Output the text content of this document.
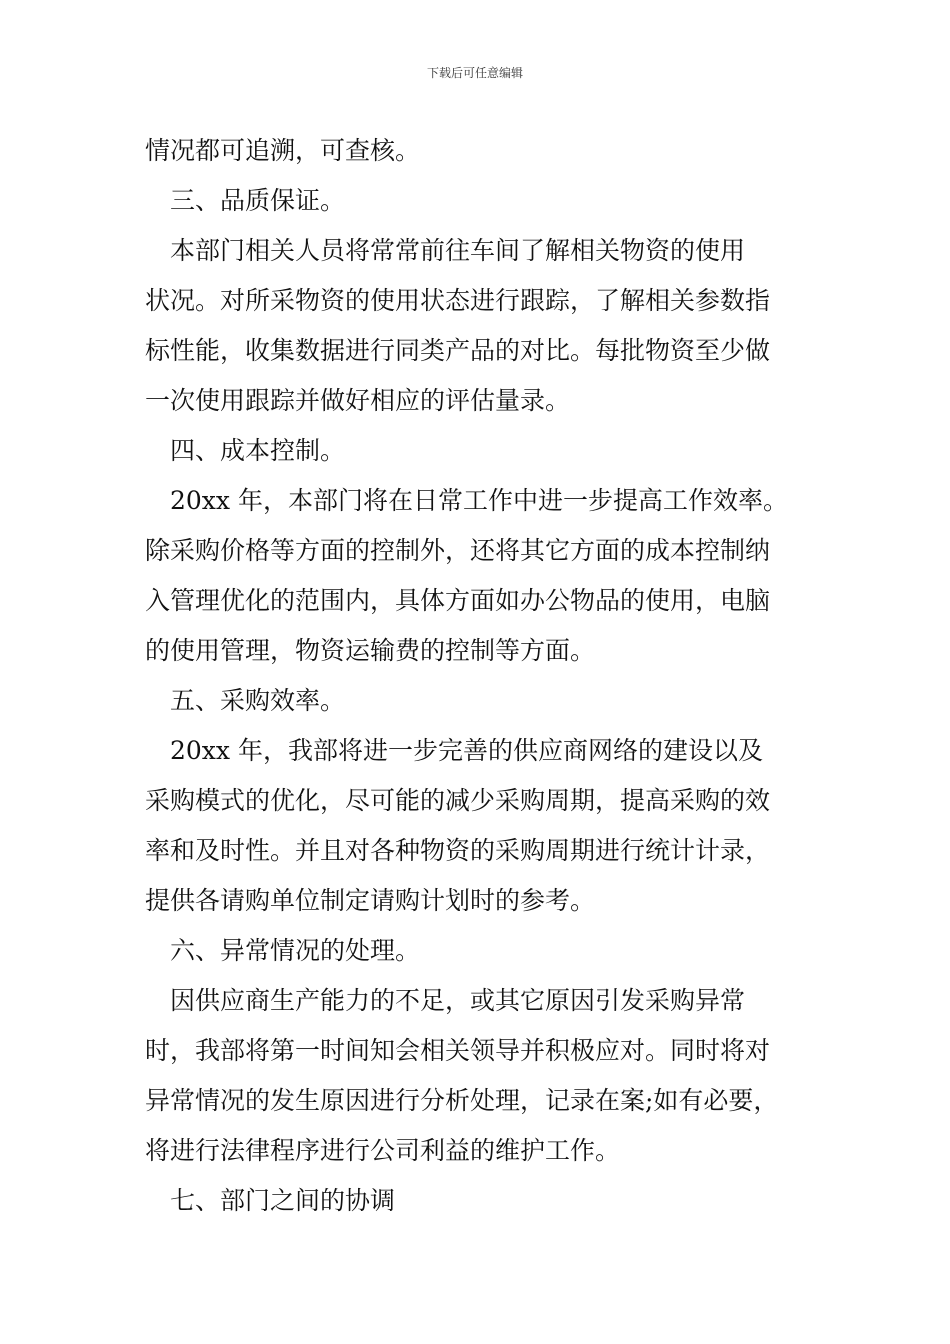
下载后可任意编辑
情况都可追溯，可查核。
　三、品质保证。
　本部门相关人员将常常前往车间了解相关物资的使用
状况。对所采物资的使用状态进行跟踪，了解相关参数指
标性能，收集数据进行同类产品的对比。每批物资至少做
一次使用跟踪并做好相应的评估量录。
　四、成本控制。
　20xx 年，本部门将在日常工作中进一步提高工作效率。
除采购价格等方面的控制外，还将其它方面的成本控制纳
入管理优化的范围内，具体方面如办公物品的使用，电脑
的使用管理，物资运输费的控制等方面。
　五、采购效率。
　20xx 年，我部将进一步完善的供应商网络的建设以及
采购模式的优化，尽可能的减少采购周期，提高采购的效
率和及时性。并且对各种物资的采购周期进行统计计录，
提供各请购单位制定请购计划时的参考。
　六、异常情况的处理。
　因供应商生产能力的不足，或其它原因引发采购异常
时，我部将第一时间知会相关领导并积极应对。同时将对
异常情况的发生原因进行分析处理，记录在案;如有必要，
将进行法律程序进行公司利益的维护工作。
　七、部门之间的协调
